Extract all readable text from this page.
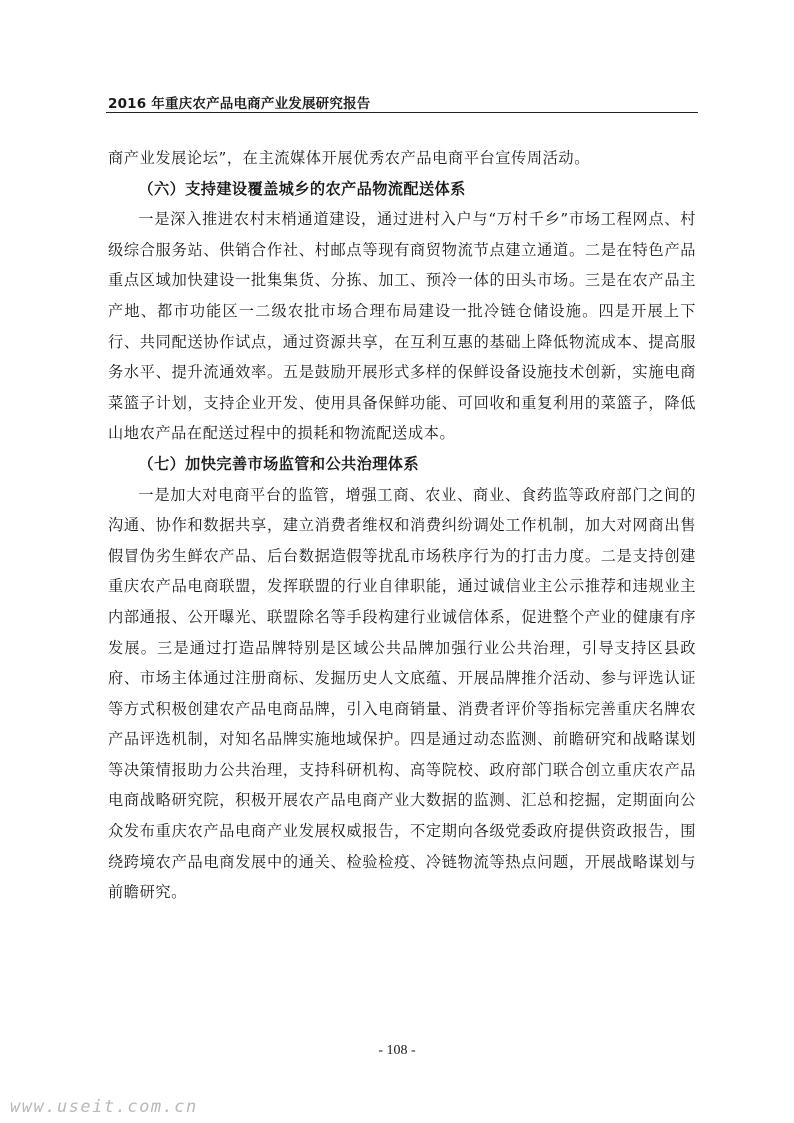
2016 年重庆农产品电商产业发展研究报告

商产业发展论坛”，在主流媒体开展优秀农产品电商平台宣传周活动。

（六）支持建设覆盖城乡的农产品物流配送体系

一是深入推进农村末梢通道建设，通过进村入户与“万村千乡”市场工程网点、村级综合服务站、供销合作社、村邮点等现有商贸物流节点建立通道。二是在特色产品重点区域加快建设一批集集货、分拣、加工、预冷一体的田头市场。三是在农产品主产地、都市功能区一二级农批市场合理布局建设一批冷链仓储设施。四是开展上下行、共同配送协作试点，通过资源共享，在互利互惠的基础上降低物流成本、提高服务水平、提升流通效率。五是鼓励开展形式多样的保鲜设备设施技术创新，实施电商菜篮子计划，支持企业开发、使用具备保鲜功能、可回收和重复利用的菜篮子，降低山地农产品在配送过程中的损耗和物流配送成本。

（七）加快完善市场监管和公共治理体系

一是加大对电商平台的监管，增强工商、农业、商业、食药监等政府部门之间的沟通、协作和数据共享，建立消费者维权和消费纠纷调处工作机制，加大对网商出售假冒伪劣生鲜农产品、后台数据造假等扰乱市场秩序行为的打击力度。二是支持创建重庆农产品电商联盟，发挥联盟的行业自律职能，通过诚信业主公示推荐和违规业主内部通报、公开曝光、联盟除名等手段构建行业诚信体系，促进整个产业的健康有序发展。三是通过打造品牌特别是区域公共品牌加强行业公共治理，引导支持区县政府、市场主体通过注册商标、发掘历史人文底蕴、开展品牌推介活动、参与评选认证等方式积极创建农产品电商品牌，引入电商销量、消费者评价等指标完善重庆名牌农产品评选机制，对知名品牌实施地域保护。四是通过动态监测、前瞻研究和战略谋划等决策情报助力公共治理，支持科研机构、高等院校、政府部门联合创立重庆农产品电商战略研究院，积极开展农产品电商产业大数据的监测、汇总和挖掘，定期面向公众发布重庆农产品电商产业发展权威报告，不定期向各级党委政府提供资政报告，围绕跨境农产品电商发展中的通关、检验检疫、冷链物流等热点问题，开展战略谋划与前瞻研究。

- 108 -
www.useit.com.cn
